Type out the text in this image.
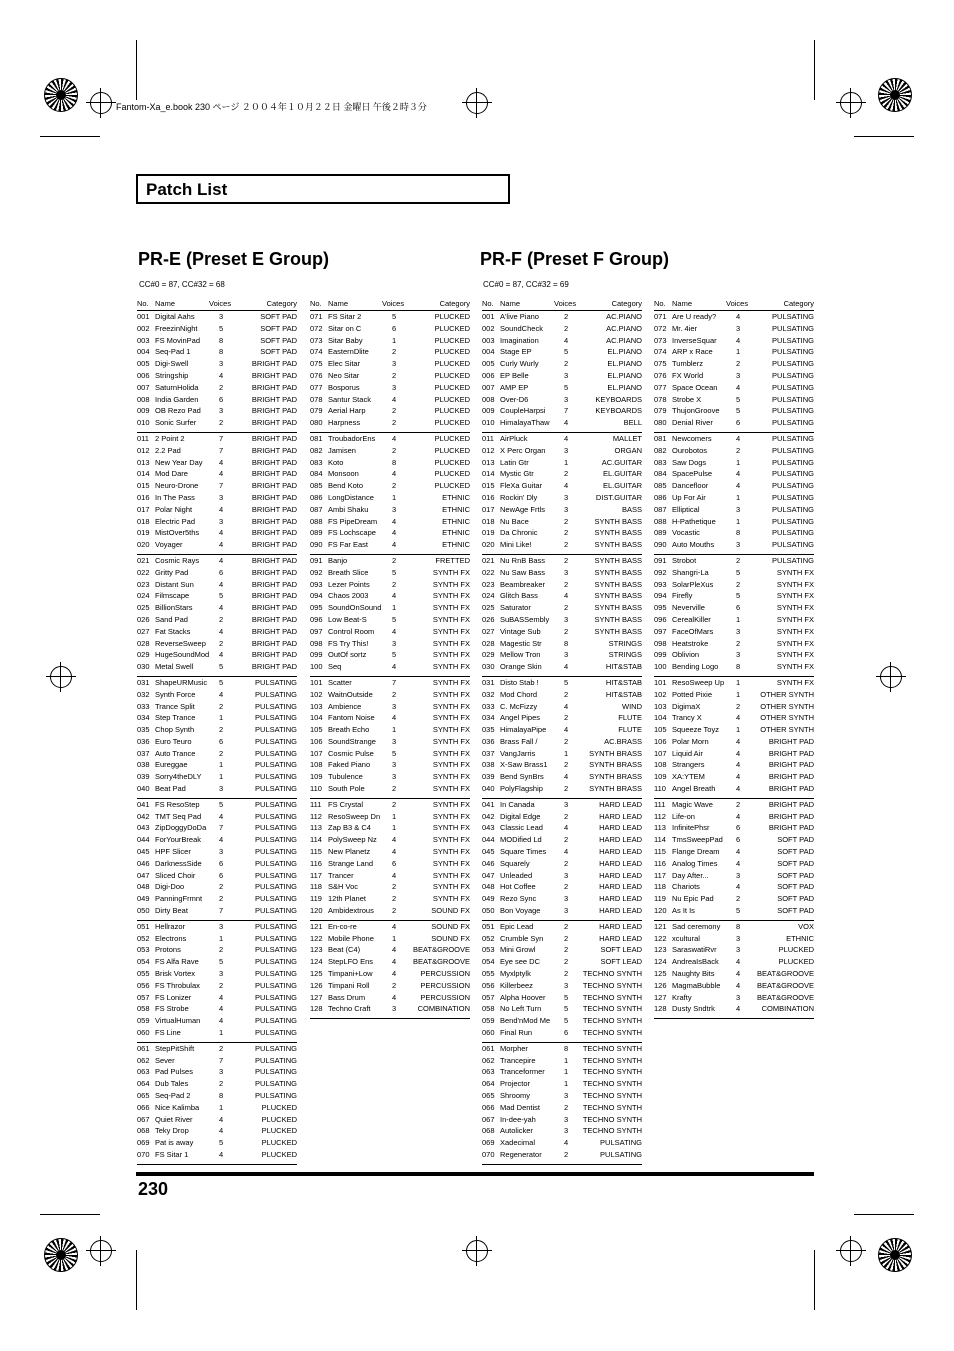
Fantom-Xa_e.book 230 ページ ２００４年１０月２２日 金曜日 午後２時３分
Patch List
PR-E (Preset E Group)
CC#0 = 87, CC#32 = 68
PR-F (Preset F Group)
CC#0 = 87, CC#32 = 69
No. Name	Voices	Category
001 Digital Aahs	3	SOFT PAD
002 FreezinNight	5	SOFT PAD
003 FS MovinPad	8	SOFT PAD
004 Seq-Pad 1	8	SOFT PAD
005 Digi-Swell	3	BRIGHT PAD
006 Stringship	4	BRIGHT PAD
007 SaturnHolida	2	BRIGHT PAD
008 India Garden	6	BRIGHT PAD
009 OB Rezo Pad 3	BRIGHT PAD
010 Sonic Surfer	2	BRIGHT PAD
011 2 Point 2	7	BRIGHT PAD
012 2.2 Pad	7	BRIGHT PAD
013 New Year Day 4	BRIGHT PAD
014 Mod Dare	4	BRIGHT PAD
015 Neuro-Drone	7	BRIGHT PAD
016 In The Pass	3	BRIGHT PAD
017 Polar Night	4	BRIGHT PAD
018 Electric Pad	3	BRIGHT PAD
019 MistOver5ths	4	BRIGHT PAD
020 Voyager	4	BRIGHT PAD
021 Cosmic Rays	4	BRIGHT PAD
022 Gritty Pad	6	BRIGHT PAD
023 Distant Sun	4	BRIGHT PAD
024 Filmscape	5	BRIGHT PAD
025 BillionStars	4	BRIGHT PAD
026 Sand Pad	2	BRIGHT PAD
027 Fat Stacks	4	BRIGHT PAD
028 ReverseSweep 2	BRIGHT PAD
029 HugeSoundMod 4	BRIGHT PAD
030 Metal Swell	5	BRIGHT PAD
031 ShapeURMusic 5	PULSATING
032 Synth Force	4	PULSATING
033 Trance Split	2	PULSATING
034 Step Trance	1	PULSATING
035 Chop Synth	2	PULSATING
036 Euro Teuro	6	PULSATING
037 Auto Trance	2	PULSATING
038 Eureggae	1	PULSATING
039 Sorry4theDLY 1	PULSATING
040 Beat Pad	3	PULSATING
041 FS ResoStep	5	PULSATING
042 TMT Seq Pad 4	PULSATING
043 ZipDoggyDoDa 7	PULSATING
044 ForYourBreak 4	PULSATING
045 HPF Slicer	3	PULSATING
046 DarknessSide 6	PULSATING
047 Sliced Choir	6	PULSATING
048 Digi-Doo	2	PULSATING
049 PanningFrmnt 2	PULSATING
050 Dirty Beat	7	PULSATING
051 Hellrazor	3	PULSATING
052 Electrons	1	PULSATING
053 Protons	2	PULSATING
054 FS Alfa Rave	5	PULSATING
055 Brisk Vortex	3	PULSATING
056 FS Throbulax	2	PULSATING
057 FS Lonizer	4	PULSATING
058 FS Strobe	4	PULSATING
059 VirtualHuman 4	PULSATING
060 FS Line	1	PULSATING
061 StepPitShift	2	PULSATING
062 Sever	7	PULSATING
063 Pad Pulses	3	PULSATING
064 Dub Tales	2	PULSATING
065 Seq-Pad 2	8	PULSATING
066 Nice Kalimba	1	PLUCKED
067 Quiet River	4	PLUCKED
068 Teky Drop	4	PLUCKED
069 Pat is away	5	PLUCKED
070 FS Sitar 1	4	PLUCKED
No. Name	Voices	Category
071 FS Sitar 2	5	PLUCKED
072 Sitar on C	6	PLUCKED
073 Sitar Baby	1	PLUCKED
074 EasternDlite	2	PLUCKED
075 Elec Sitar	3	PLUCKED
076 Neo Sitar	2	PLUCKED
077 Bosporus	3	PLUCKED
078 Santur Stack	4	PLUCKED
079 Aerial Harp	2	PLUCKED
080 Harpness	2	PLUCKED
081 TroubadorEns 4	PLUCKED
082 Jamisen	2	PLUCKED
083 Koto	8	PLUCKED
084 Monsoon	4	PLUCKED
085 Bend Koto	2	PLUCKED
086 LongDistance 1	ETHNIC
087 Ambi Shaku	3	ETHNIC
088 FS PipeDream 4	ETHNIC
089 FS Lochscape 4	ETHNIC
090 FS Far East	4	ETHNIC
091 Banjo	2	FRETTED
092 Breath Slice	5	SYNTH FX
093 Lezer Points	2	SYNTH FX
094 Chaos 2003	4	SYNTH FX
095 SoundOnSound 1	SYNTH FX
096 Low Beat-S	5	SYNTH FX
097 Control Room 4	SYNTH FX
098 FS Try This!	3	SYNTH FX
099 OutOf sortz	5	SYNTH FX
100 Seq	4	SYNTH FX
101 Scatter	7	SYNTH FX
102 WaitnOutside	2	SYNTH FX
103 Ambience	3	SYNTH FX
104 Fantom Noise 4	SYNTH FX
105 Breath Echo	1	SYNTH FX
106 SoundStrange 3	SYNTH FX
107 Cosmic Pulse 5	SYNTH FX
108 Faked Piano	3	SYNTH FX
109 Tubulence	3	SYNTH FX
110 South Pole	2	SYNTH FX
111 FS Crystal	2	SYNTH FX
112 ResoSweep Dn 1	SYNTH FX
113 Zap B3 & C4	1	SYNTH FX
114 PolySweep Nz 4	SYNTH FX
115 New Planetz	4	SYNTH FX
116 Strange Land	6	SYNTH FX
117 Trancer	4	SYNTH FX
118 S&H Voc	2	SYNTH FX
119 12th Planet	2	SYNTH FX
120 Ambidextrous 2	SOUND FX
121 En-co-re	4	SOUND FX
122 Mobile Phone 1	SOUND FX
123 Beat (C4)	4 BEAT&GROOVE
124 StepLFO Ens	4 BEAT&GROOVE
125 Timpani+Low	4	PERCUSSION
126 Timpani Roll	2	PERCUSSION
127 Bass Drum	4	PERCUSSION
128 Techno Craft	3	COMBINATION
No. Name	Voices	Category
001 A'live Piano	2	AC.PIANO
002 SoundCheck	2	AC.PIANO
003 Imagination	4	AC.PIANO
004 Stage EP	5	EL.PIANO
005 Curly Wurly	2	EL.PIANO
006 EP Belle	3	EL.PIANO
007 AMP EP	5	EL.PIANO
008 Over-D6	3	KEYBOARDS
009 CoupleHarpsi 7	KEYBOARDS
010 HimalayaThaw 4	BELL
011 AirPluck	4	MALLET
012 X Perc Organ 3	ORGAN
013 Latin Gtr	1	AC.GUITAR
014 Mystic Gtr	2	EL.GUITAR
015 FleXa Guitar	4	EL.GUITAR
016 Rockin' Dly	3	DIST.GUITAR
017 NewAge Frtls	3	BASS
018 Nu Bace	2	SYNTH BASS
019 Da Chronic	2	SYNTH BASS
020 Mini Like!	2	SYNTH BASS
021 Nu RnB Bass	2	SYNTH BASS
022 Nu Saw Bass	3	SYNTH BASS
023 Beambreaker	2	SYNTH BASS
024 Glitch Bass	4	SYNTH BASS
025 Saturator	2	SYNTH BASS
026 SuBASSembly 3	SYNTH BASS
027 Vintage Sub	2	SYNTH BASS
028 Magestic Str	8	STRINGS
029 Mellow Tron	3	STRINGS
030 Orange Skin	4	HIT&STAB
031 Disto Stab !	5	HIT&STAB
032 Mod Chord	2	HIT&STAB
033 C. McFizzy	4	WIND
034 Angel Pipes	2	FLUTE
035 HimalayaPipe 4	FLUTE
036 Brass Fall /	2	AC.BRASS
037 VangJarris	1	SYNTH BRASS
038 X-Saw Brass1 2	SYNTH BRASS
039 Bend SynBrs	4	SYNTH BRASS
040 PolyFlagship	2	SYNTH BRASS
041 In Canada	3	HARD LEAD
042 Digital Edge	2	HARD LEAD
043 Classic Lead	4	HARD LEAD
044 MODified Ld	2	HARD LEAD
045 Square Times 4	HARD LEAD
046 Squarely	2	HARD LEAD
047 Unleaded	3	HARD LEAD
048 Hot Coffee	2	HARD LEAD
049 Rezo Sync	3	HARD LEAD
050 Bon Voyage	3	HARD LEAD
051 Epic Lead	2	HARD LEAD
052 Crumble Syn	2	HARD LEAD
053 Mini Growl	2	SOFT LEAD
054 Eye see DC	2	SOFT LEAD
055 Myxlptylk	2 TECHNO SYNTH
056 Killerbeez	3 TECHNO SYNTH
057 Alpha Hoover 5 TECHNO SYNTH
058 No Left Turn	5 TECHNO SYNTH
059 Bend'nMod Me 5 TECHNO SYNTH
060 Final Run	6 TECHNO SYNTH
061 Morpher	8 TECHNO SYNTH
062 Trancepire	1 TECHNO SYNTH
063 Tranceformer	1 TECHNO SYNTH
064 Projector	1 TECHNO SYNTH
065 Shroomy	3 TECHNO SYNTH
066 Mad Dentist	2 TECHNO SYNTH
067 In-dee-yah	3 TECHNO SYNTH
068 Autolicker	3 TECHNO SYNTH
069 Xadecimal	4	PULSATING
070 Regenerator	2	PULSATING
No. Name	Voices	Category
071 Are U ready?	4	PULSATING
072 Mr. 4ier	3	PULSATING
073 InverseSquar	4	PULSATING
074 ARP x Race	1	PULSATING
075 Tumblerz	2	PULSATING
076 FX World	3	PULSATING
077 Space Ocean 4	PULSATING
078 Strobe X	5	PULSATING
079 ThujonGroove 5	PULSATING
080 Denial River	6	PULSATING
081 Newcomers	4	PULSATING
082 Ourobotos	2	PULSATING
083 Saw Dogs	1	PULSATING
084 SpacePulse	4	PULSATING
085 Dancefloor	4	PULSATING
086 Up For Air	1	PULSATING
087 Elliptical	3	PULSATING
088 H-Pathetique	1	PULSATING
089 Vocastic	8	PULSATING
090 Auto Mouths	3	PULSATING
091 Strobot	2	PULSATING
092 Shangri-La	5	SYNTH FX
093 SolarPleXus	2	SYNTH FX
094 Firefly	5	SYNTH FX
095 Neverville	6	SYNTH FX
096 CerealKiller	1	SYNTH FX
097 FaceOfMars	3	SYNTH FX
098 Heatstroke	2	SYNTH FX
099 Oblivion	3	SYNTH FX
100 Bending Logo 8	SYNTH FX
101 ResoSweep Up 1	SYNTH FX
102 Potted Pixie	1	OTHER SYNTH
103 DigimaX	2	OTHER SYNTH
104 Trancy X	4	OTHER SYNTH
105 Squeeze Toyz 1	OTHER SYNTH
106 Polar Morn	4	BRIGHT PAD
107 Liquid Air	4	BRIGHT PAD
108 Strangers	4	BRIGHT PAD
109 XA:YTEM	4	BRIGHT PAD
110 Angel Breath	4	BRIGHT PAD
111 Magic Wave	2	BRIGHT PAD
112 Life-on	4	BRIGHT PAD
113 InfinitePhsr	6	BRIGHT PAD
114 TmsSweepPad 6	SOFT PAD
115 Flange Dream 4	SOFT PAD
116 Analog Times 4	SOFT PAD
117 Day After...	3	SOFT PAD
118 Chariots	4	SOFT PAD
119 Nu Epic Pad	2	SOFT PAD
120 As It Is	5	SOFT PAD
121 Sad ceremony 8	VOX
122 xcultural	3	ETHNIC
123 SaraswatiRvr	3	PLUCKED
124 AndreaIsBack 4	PLUCKED
125 Naughty Bits	4 BEAT&GROOVE
126 MagmaBubble 4 BEAT&GROOVE
127 Krafty	3 BEAT&GROOVE
128 Dusty Sndtrk	4	COMBINATION
230
